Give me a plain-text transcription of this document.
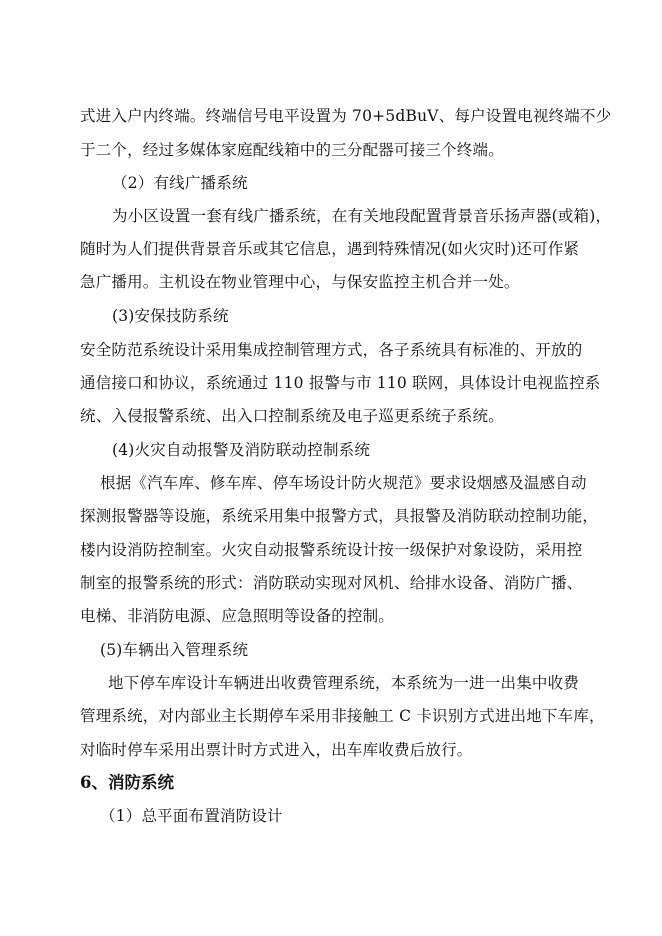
式进入户内终端。终端信号电平设置为 70+5dBuV、每户设置电视终端不少
于二个，经过多媒体家庭配线箱中的三分配器可接三个终端。
（2）有线广播系统
为小区设置一套有线广播系统，在有关地段配置背景音乐扬声器(或箱)，
随时为人们提供背景音乐或其它信息，遇到特殊情况(如火灾时)还可作紧
急广播用。主机设在物业管理中心，与保安监控主机合并一处。
(3)安保技防系统
安全防范系统设计采用集成控制管理方式，各子系统具有标准的、开放的
通信接口和协议，系统通过 110 报警与市 110 联网，具体设计电视监控系
统、入侵报警系统、出入口控制系统及电子巡更系统子系统。
(4)火灾自动报警及消防联动控制系统
根据《汽车库、修车库、停车场设计防火规范》要求设烟感及温感自动
探测报警器等设施，系统采用集中报警方式，具报警及消防联动控制功能，
楼内设消防控制室。火灾自动报警系统设计按一级保护对象设防，采用控
制室的报警系统的形式：消防联动实现对风机、给排水设备、消防广播、
电梯、非消防电源、应急照明等设备的控制。
(5)车辆出入管理系统
地下停车库设计车辆进出收费管理系统，本系统为一进一出集中收费
管理系统，对内部业主长期停车采用非接触工 C 卡识别方式进出地下车库，
对临时停车采用出票计时方式进入，出车库收费后放行。
6、消防系统
（1）总平面布置消防设计
